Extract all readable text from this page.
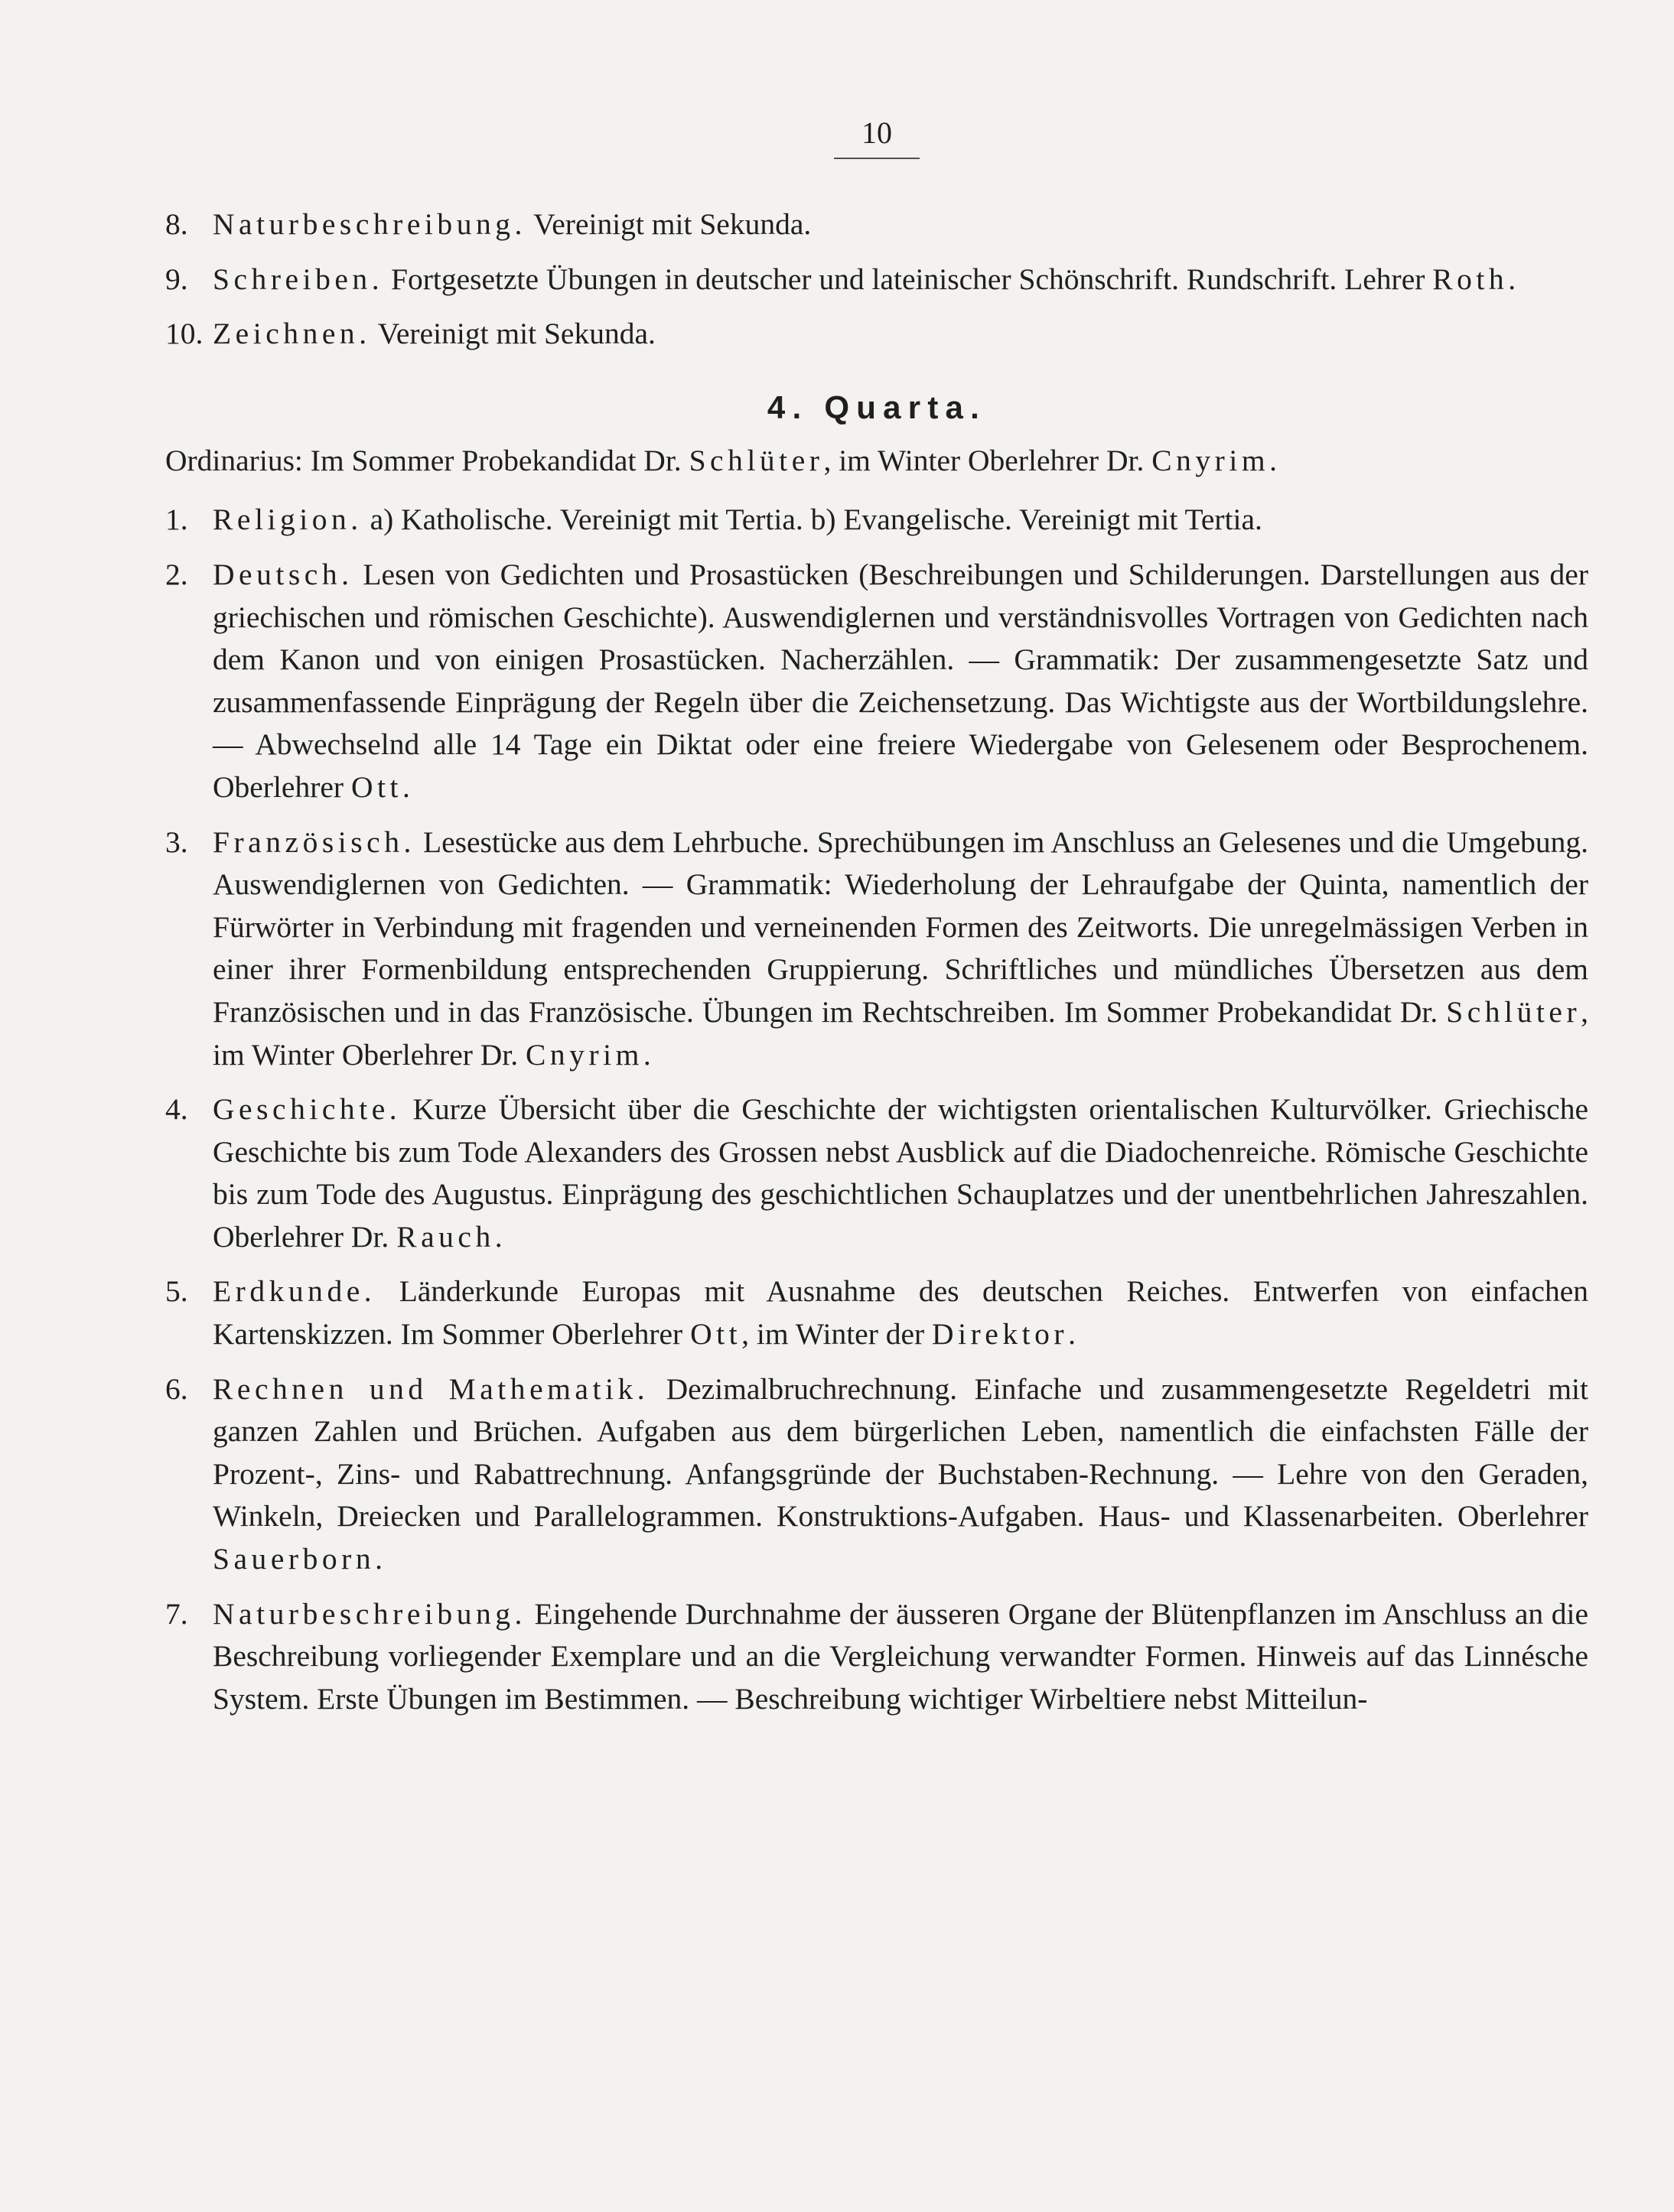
10
8. Naturbeschreibung. Vereinigt mit Sekunda.
9. Schreiben. Fortgesetzte Übungen in deutscher und lateinischer Schönschrift. Rundschrift. Lehrer Roth.
10. Zeichnen. Vereinigt mit Sekunda.
4. Quarta.
Ordinarius: Im Sommer Probekandidat Dr. Schlüter, im Winter Oberlehrer Dr. Cnyrim.
1. Religion. a) Katholische. Vereinigt mit Tertia. b) Evangelische. Vereinigt mit Tertia.
2. Deutsch. Lesen von Gedichten und Prosastücken (Beschreibungen und Schilderungen. Darstellungen aus der griechischen und römischen Geschichte). Auswendiglernen und verständnisvolles Vortragen von Gedichten nach dem Kanon und von einigen Prosastücken. Nacherzählen. — Grammatik: Der zusammengesetzte Satz und zusammenfassende Einprägung der Regeln über die Zeichensetzung. Das Wichtigste aus der Wortbildungslehre. — Abwechselnd alle 14 Tage ein Diktat oder eine freiere Wiedergabe von Gelesenem oder Besprochenem. Oberlehrer Ott.
3. Französisch. Lesestücke aus dem Lehrbuche. Sprechübungen im Anschluss an Gelesenes und die Umgebung. Auswendiglernen von Gedichten. — Grammatik: Wiederholung der Lehraufgabe der Quinta, namentlich der Fürwörter in Verbindung mit fragenden und verneinenden Formen des Zeitworts. Die unregelmässigen Verben in einer ihrer Formenbildung entsprechenden Gruppierung. Schriftliches und mündliches Übersetzen aus dem Französischen und in das Französische. Übungen im Rechtschreiben. Im Sommer Probekandidat Dr. Schlüter, im Winter Oberlehrer Dr. Cnyrim.
4. Geschichte. Kurze Übersicht über die Geschichte der wichtigsten orientalischen Kulturvölker. Griechische Geschichte bis zum Tode Alexanders des Grossen nebst Ausblick auf die Diadochenreiche. Römische Geschichte bis zum Tode des Augustus. Einprägung des geschichtlichen Schauplatzes und der unentbehrlichen Jahreszahlen. Oberlehrer Dr. Rauch.
5. Erdkunde. Länderkunde Europas mit Ausnahme des deutschen Reiches. Entwerfen von einfachen Kartenskizzen. Im Sommer Oberlehrer Ott, im Winter der Direktor.
6. Rechnen und Mathematik. Dezimalbruchrechnung. Einfache und zusammengesetzte Regeldetri mit ganzen Zahlen und Brüchen. Aufgaben aus dem bürgerlichen Leben, namentlich die einfachsten Fälle der Prozent-, Zins- und Rabattrechnung. Anfangsgründe der Buchstaben-Rechnung. — Lehre von den Geraden, Winkeln, Dreiecken und Parallelogrammen. Konstruktions-Aufgaben. Haus- und Klassenarbeiten. Oberlehrer Sauerborn.
7. Naturbeschreibung. Eingehende Durchnahme der äusseren Organe der Blütenpflanzen im Anschluss an die Beschreibung vorliegender Exemplare und an die Vergleichung verwandter Formen. Hinweis auf das Linnésche System. Erste Übungen im Bestimmen. — Beschreibung wichtiger Wirbeltiere nebst Mitteilun-
